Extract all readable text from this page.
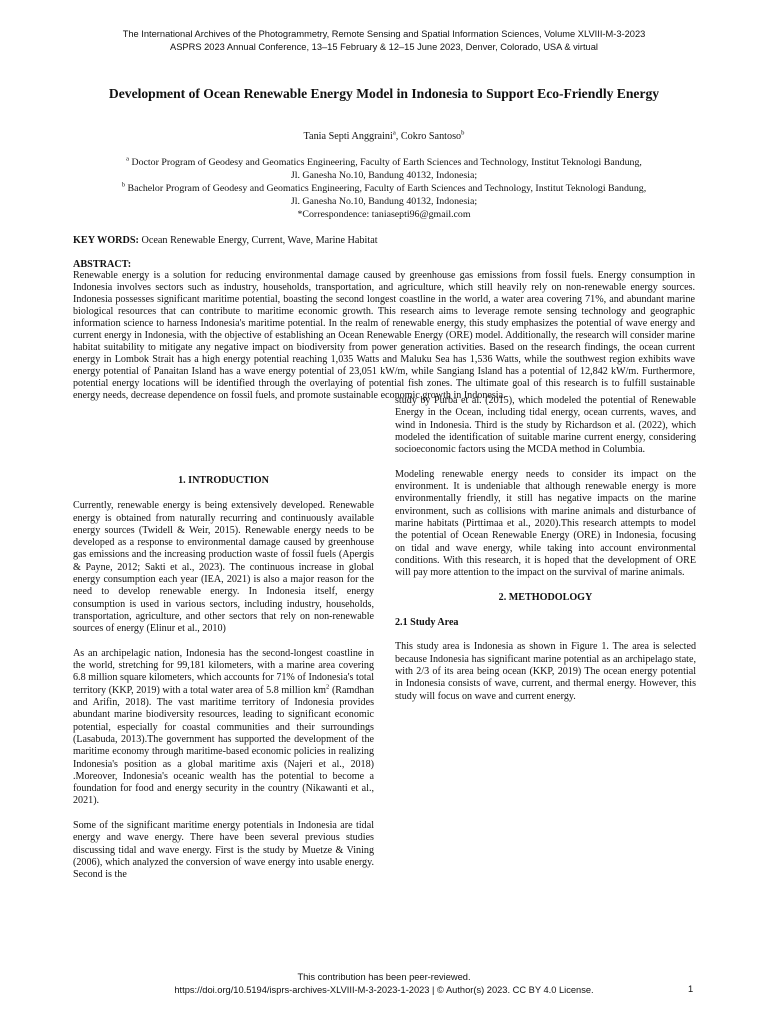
The International Archives of the Photogrammetry, Remote Sensing and Spatial Information Sciences, Volume XLVIII-M-3-2023
ASPRS 2023 Annual Conference, 13–15 February & 12–15 June 2023, Denver, Colorado, USA & virtual
Development of Ocean Renewable Energy Model in Indonesia to Support Eco-Friendly Energy
Tania Septi Anggraini$^a$, Cokro Santoso$^b$

$^a$ Doctor Program of Geodesy and Geomatics Engineering, Faculty of Earth Sciences and Technology, Institut Teknologi Bandung,

Jl. Ganesha No.10, Bandung 40132, Indonesia;

$^b$ Bachelor Program of Geodesy and Geomatics Engineering, Faculty of Earth Sciences and Technology, Institut Teknologi Bandung,

Jl. Ganesha No.10, Bandung 40132, Indonesia;

*Correspondence: taniasepti96@gmail.com

KEY WORDS: Ocean Renewable Energy, Current, Wave, Marine Habitat
ABSTRACT:

Renewable energy is a solution for reducing environmental damage caused by greenhouse gas emissions from fossil fuels. Energy consumption in Indonesia involves sectors such as industry, households, transportation, and agriculture, which still heavily rely on non-renewable energy sources. Indonesia possesses significant maritime potential, boasting the second longest coastline in the world, a water area covering 71%, and abundant marine biological resources that can contribute to maritime economic growth. This research aims to leverage remote sensing technology and geographic information science to harness Indonesia's maritime potential. In the realm of renewable energy, this study emphasizes the potential of wave energy and current energy in Indonesia, with the objective of establishing an Ocean Renewable Energy (ORE) model. Additionally, the research will consider marine habitat suitability to mitigate any negative impact on biodiversity from power generation activities. Based on the research findings, the ocean current energy in Lombok Strait has a high energy potential reaching 1,035 Watts and Maluku Sea has 1,536 Watts, while the southwest region exhibits wave energy potential of Panaitan Island has a wave energy potential of 23,051 kW/m, while Sangiang Island has a potential of 12,842 kW/m. Furthermore, potential energy locations will be identified through the overlaying of potential fish zones. The ultimate goal of this research is to fulfill sustainable energy needs, decrease dependence on fossil fuels, and promote sustainable economic growth in Indonesia.

1. INTRODUCTION

Currently, renewable energy is being extensively developed. Renewable energy is obtained from naturally recurring and continuously available energy sources (Twidell & Weir, 2015). Renewable energy needs to be developed as a response to environmental damage caused by greenhouse gas emissions and the increasing production waste of fossil fuels (Apergis & Payne, 2012; Sakti et al., 2023). The continuous increase in global energy consumption each year (IEA, 2021) is also a major reason for the need to develop renewable energy. In Indonesia itself, energy consumption is used in various sectors, including industry, households, transportation, agriculture, and other sectors that rely on non-renewable sources of energy (Elinur et al., 2010)

As an archipelagic nation, Indonesia has the second-longest coastline in the world, stretching for 99,181 kilometers, with a marine area covering 6.8 million square kilometers, which accounts for 71% of Indonesia's total territory (KKP, 2019) with a total water area of 5.8 million $km^2$ (Ramdhan and Arifin, 2018). The vast maritime territory of Indonesia provides abundant marine biodiversity resources, leading to significant economic potential, especially for coastal communities and their surroundings (Lasabuda, 2013).The government has supported the development of the maritime economy through maritime-based economic policies in realizing Indonesia's position as a global maritime axis (Najeri et al., 2018) .Moreover, Indonesia's oceanic wealth has the potential to become a foundation for food and energy security in the country (Nikawanti et al., 2021).

Some of the significant maritime energy potentials in Indonesia are tidal energy and wave energy. There have been several previous studies discussing tidal and wave energy. First is the study by Muetze & Vining (2006), which analyzed the conversion of wave energy into usable energy. Second is the

study by Purba et al. (2015), which modeled the potential of Renewable Energy in the Ocean, including tidal energy, ocean currents, waves, and wind in Indonesia. Third is the study by Richardson et al. (2022), which modeled the identification of suitable marine current energy, considering socioeconomic factors using the MCDA method in Columbia.

Modeling renewable energy needs to consider its impact on the environment. It is undeniable that although renewable energy is more environmentally friendly, it still has negative impacts on the marine environment, such as collisions with marine animals and disturbance of marine habitats (Pirttimaa et al., 2020).This research attempts to model the potential of Ocean Renewable Energy (ORE) in Indonesia, focusing on tidal and wave energy, while taking into account environmental conditions. With this research, it is hoped that the development of ORE will pay more attention to the impact on the survival of marine animals.

2. METHODOLOGY

2.1 Study Area

This study area is Indonesia as shown in Figure 1. The area is selected because Indonesia has significant marine potential as an archipelago state, with 2/3 of its area being ocean (KKP, 2019) The ocean energy potential in Indonesia consists of wave, current, and thermal energy. However, this study will focus on wave and current energy.

This contribution has been peer-reviewed.
https://doi.org/10.5194/isprs-archives-XLVIII-M-3-2023-1-2023 | © Author(s) 2023. CC BY 4.0 License.	1
